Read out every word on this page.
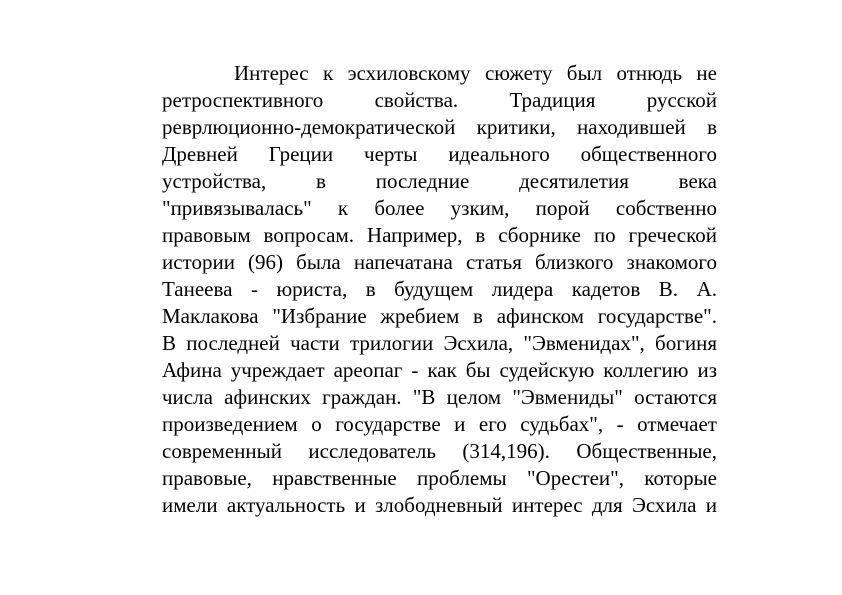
Интерес к эсхиловскому сюжету был отнюдь не
ретроспективного свойства. Традиция русской
реврлюционно-демократической критики, находившей в
Древней Греции черты идеального общественного
устройства, в последние десятилетия века
"привязывалась" к более узким, порой собственно
правовым вопросам. Например, в сборнике по греческой
истории (96) была напечатана статья близкого знакомого
Танеева - юриста, в будущем лидера кадетов В. А.
Маклакова "Избрание жребием в афинском государстве".
В последней части трилогии Эсхила, "Эвменидах", богиня
Афина учреждает ареопаг - как бы судейскую коллегию из
числа афинских граждан. "В целом "Эвмениды" остаются
произведением о государстве и его судьбах", - отмечает
современный исследователь (314,196). Общественные,
правовые, нравственные проблемы "Орестеи", которые
имели актуальность и злободневный интерес для Эсхила и
